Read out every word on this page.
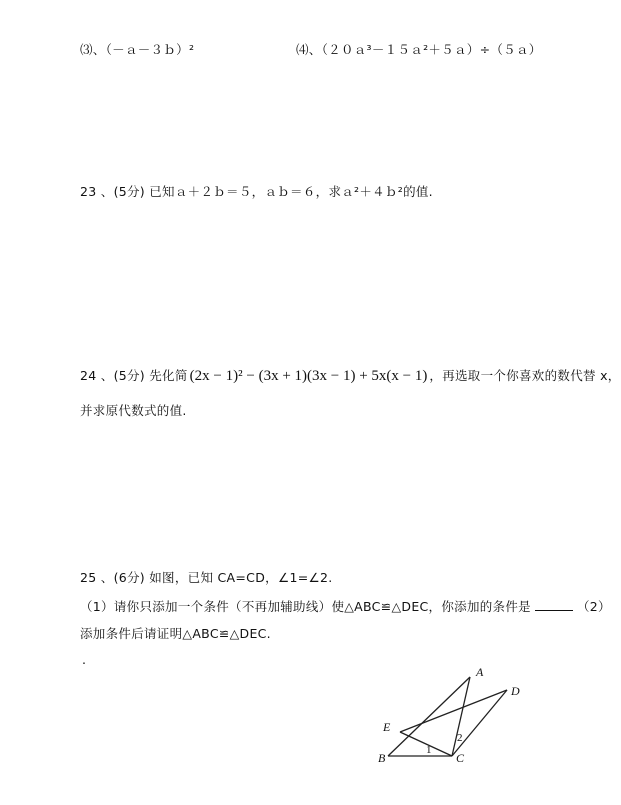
⑶、（－ａ－３ｂ）²	⑷、（２０ａ³－１５ａ²＋５ａ）÷（５ａ）
23 、(5分) 已知ａ＋２ｂ＝５，ａｂ＝６，求ａ²＋４ｂ²的值.
24 、(5分) 先化简 (2x − 1)² − (3x + 1)(3x − 1) + 5x(x − 1) ，再选取一个你喜欢的数代替 x，
并求原代数式的值.
25 、(6分) 如图，已知 CA=CD，∠1=∠2.
（1）请你只添加一个条件（不再加辅助线）使△ABC≌△DEC，你添加的条件是	（2）
添加条件后请证明△ABC≌△DEC.
.
A
D
E
B	C
1
2
